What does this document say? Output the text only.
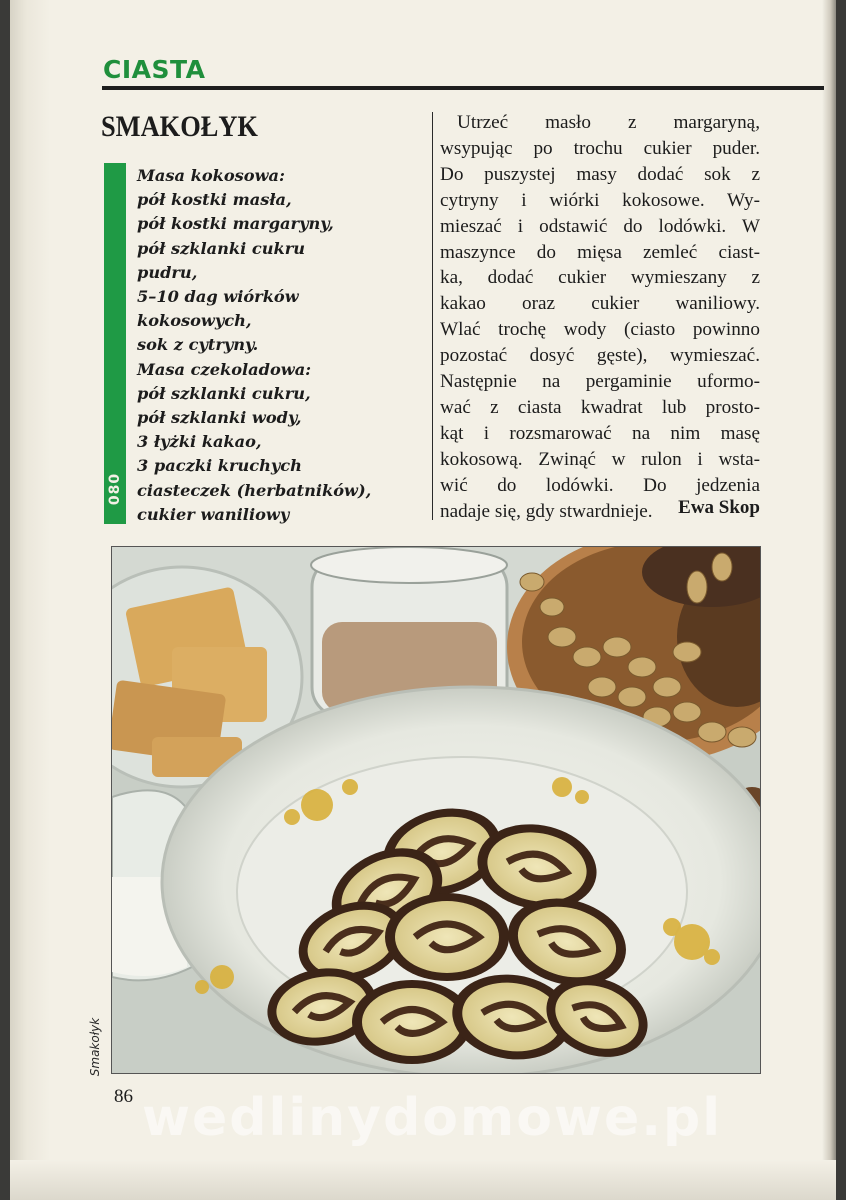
CIASTA
SMAKOŁYK
080
Masa kokosowa:
pół kostki masła,
pół kostki margaryny,
pół szklanki cukru
pudru,
5–10 dag wiórków
kokosowych,
sok z cytryny.
Masa czekoladowa:
pół szklanki cukru,
pół szklanki wody,
3 łyżki kakao,
3 paczki kruchych
ciasteczek (herbatników),
cukier waniliowy
Utrzeć masło z margaryną,
wsypując po trochu cukier puder.
Do puszystej masy dodać sok z
cytryny i wiórki kokosowe. Wy-
mieszać i odstawić do lodówki. W
maszynce do mięsa zemleć ciast-
ka, dodać cukier wymieszany z
kakao oraz cukier waniliowy.
Wlać trochę wody (ciasto powinno
pozostać dosyć gęste), wymieszać.
Następnie na pergaminie uformo-
wać z ciasta kwadrat lub prosto-
kąt i rozsmarować na nim masę
kokosową. Zwinąć w rulon i wsta-
wić do lodówki. Do jedzenia
nadaje się, gdy stwardnieje.	Ewa Skop
Smakołyk
86 wedlinydomowe.pl
